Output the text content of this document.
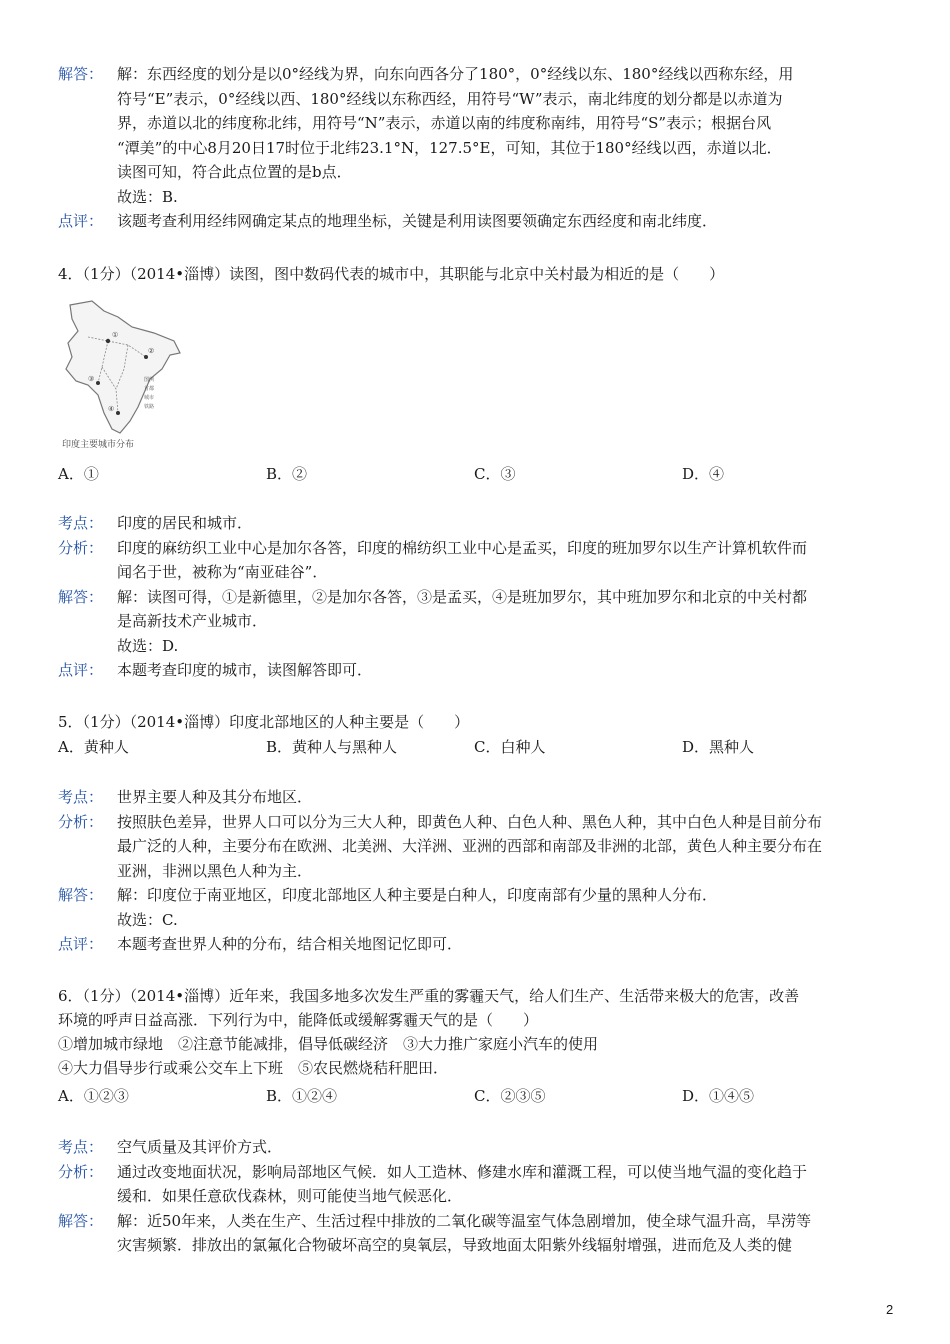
解答： 解：东西经度的划分是以0°经线为界，向东向西各分了180°，0°经线以东、180°经线以西称东经，用

符号“E”表示，0°经线以西、180°经线以东称西经，用符号“W”表示，南北纬度的划分都是以赤道为

界，赤道以北的纬度称北纬，用符号“N”表示，赤道以南的纬度称南纬，用符号“S”表示；根据台风

“潭美”的中心8月20日17时位于北纬23.1°N，127.5°E，可知，其位于180°经线以西，赤道以北．

读图可知，符合此点位置的是b点．

故选：B.

点评： 该题考查利用经纬网确定某点的地理坐标，关键是利用读图要领确定东西经度和南北纬度．
4．（1分）（2014•淄博）读图，图中数码代表的城市中，其职能与北京中关村最为相近的是（　　）
①
②
③
④
图例
首都
城市
铁路
印度主要城市分布
A．①	B．②	C．③	D．④
考点： 印度的居民和城市．
分析： 印度的麻纺织工业中心是加尔各答，印度的棉纺织工业中心是孟买，印度的班加罗尔以生产计算机软件而

闻名于世，被称为“南亚硅谷”．

解答： 解：读图可得，①是新德里，②是加尔各答，③是孟买，④是班加罗尔，其中班加罗尔和北京的中关村都

是高新技术产业城市．

故选：D.

点评： 本题考查印度的城市，读图解答即可．
5．（1分）（2014•淄博）印度北部地区的人种主要是（　　）
A．黄种人	B．黄种人与黑种人	C．白种人	D．黑种人
考点： 世界主要人种及其分布地区．
分析： 按照肤色差异，世界人口可以分为三大人种，即黄色人种、白色人种、黑色人种，其中白色人种是目前分布

最广泛的人种，主要分布在欧洲、北美洲、大洋洲、亚洲的西部和南部及非洲的北部，黄色人种主要分布在

亚洲，非洲以黑色人种为主．

解答： 解：印度位于南亚地区，印度北部地区人种主要是白种人，印度南部有少量的黑种人分布．

故选：C.

点评： 本题考查世界人种的分布，结合相关地图记忆即可．
6．（1分）（2014•淄博）近年来，我国多地多次发生严重的雾霾天气，给人们生产、生活带来极大的危害，改善
环境的呼声日益高涨．下列行为中，能降低或缓解雾霾天气的是（　　）
①增加城市绿地　②注意节能减排，倡导低碳经济　③大力推广家庭小汽车的使用
④大力倡导步行或乘公交车上下班　⑤农民燃烧秸秆肥田．
A．①②③	B．①②④	C．②③⑤	D．①④⑤
考点： 空气质量及其评价方式．
分析： 通过改变地面状况，影响局部地区气候．如人工造林、修建水库和灌溉工程，可以使当地气温的变化趋于

缓和．如果任意砍伐森林，则可能使当地气候恶化．

解答： 解：近50年来，人类在生产、生活过程中排放的二氧化碳等温室气体急剧增加，使全球气温升高，旱涝等

灾害频繁．排放出的氯氟化合物破坏高空的臭氧层，导致地面太阳紫外线辐射增强，进而危及人类的健

2
